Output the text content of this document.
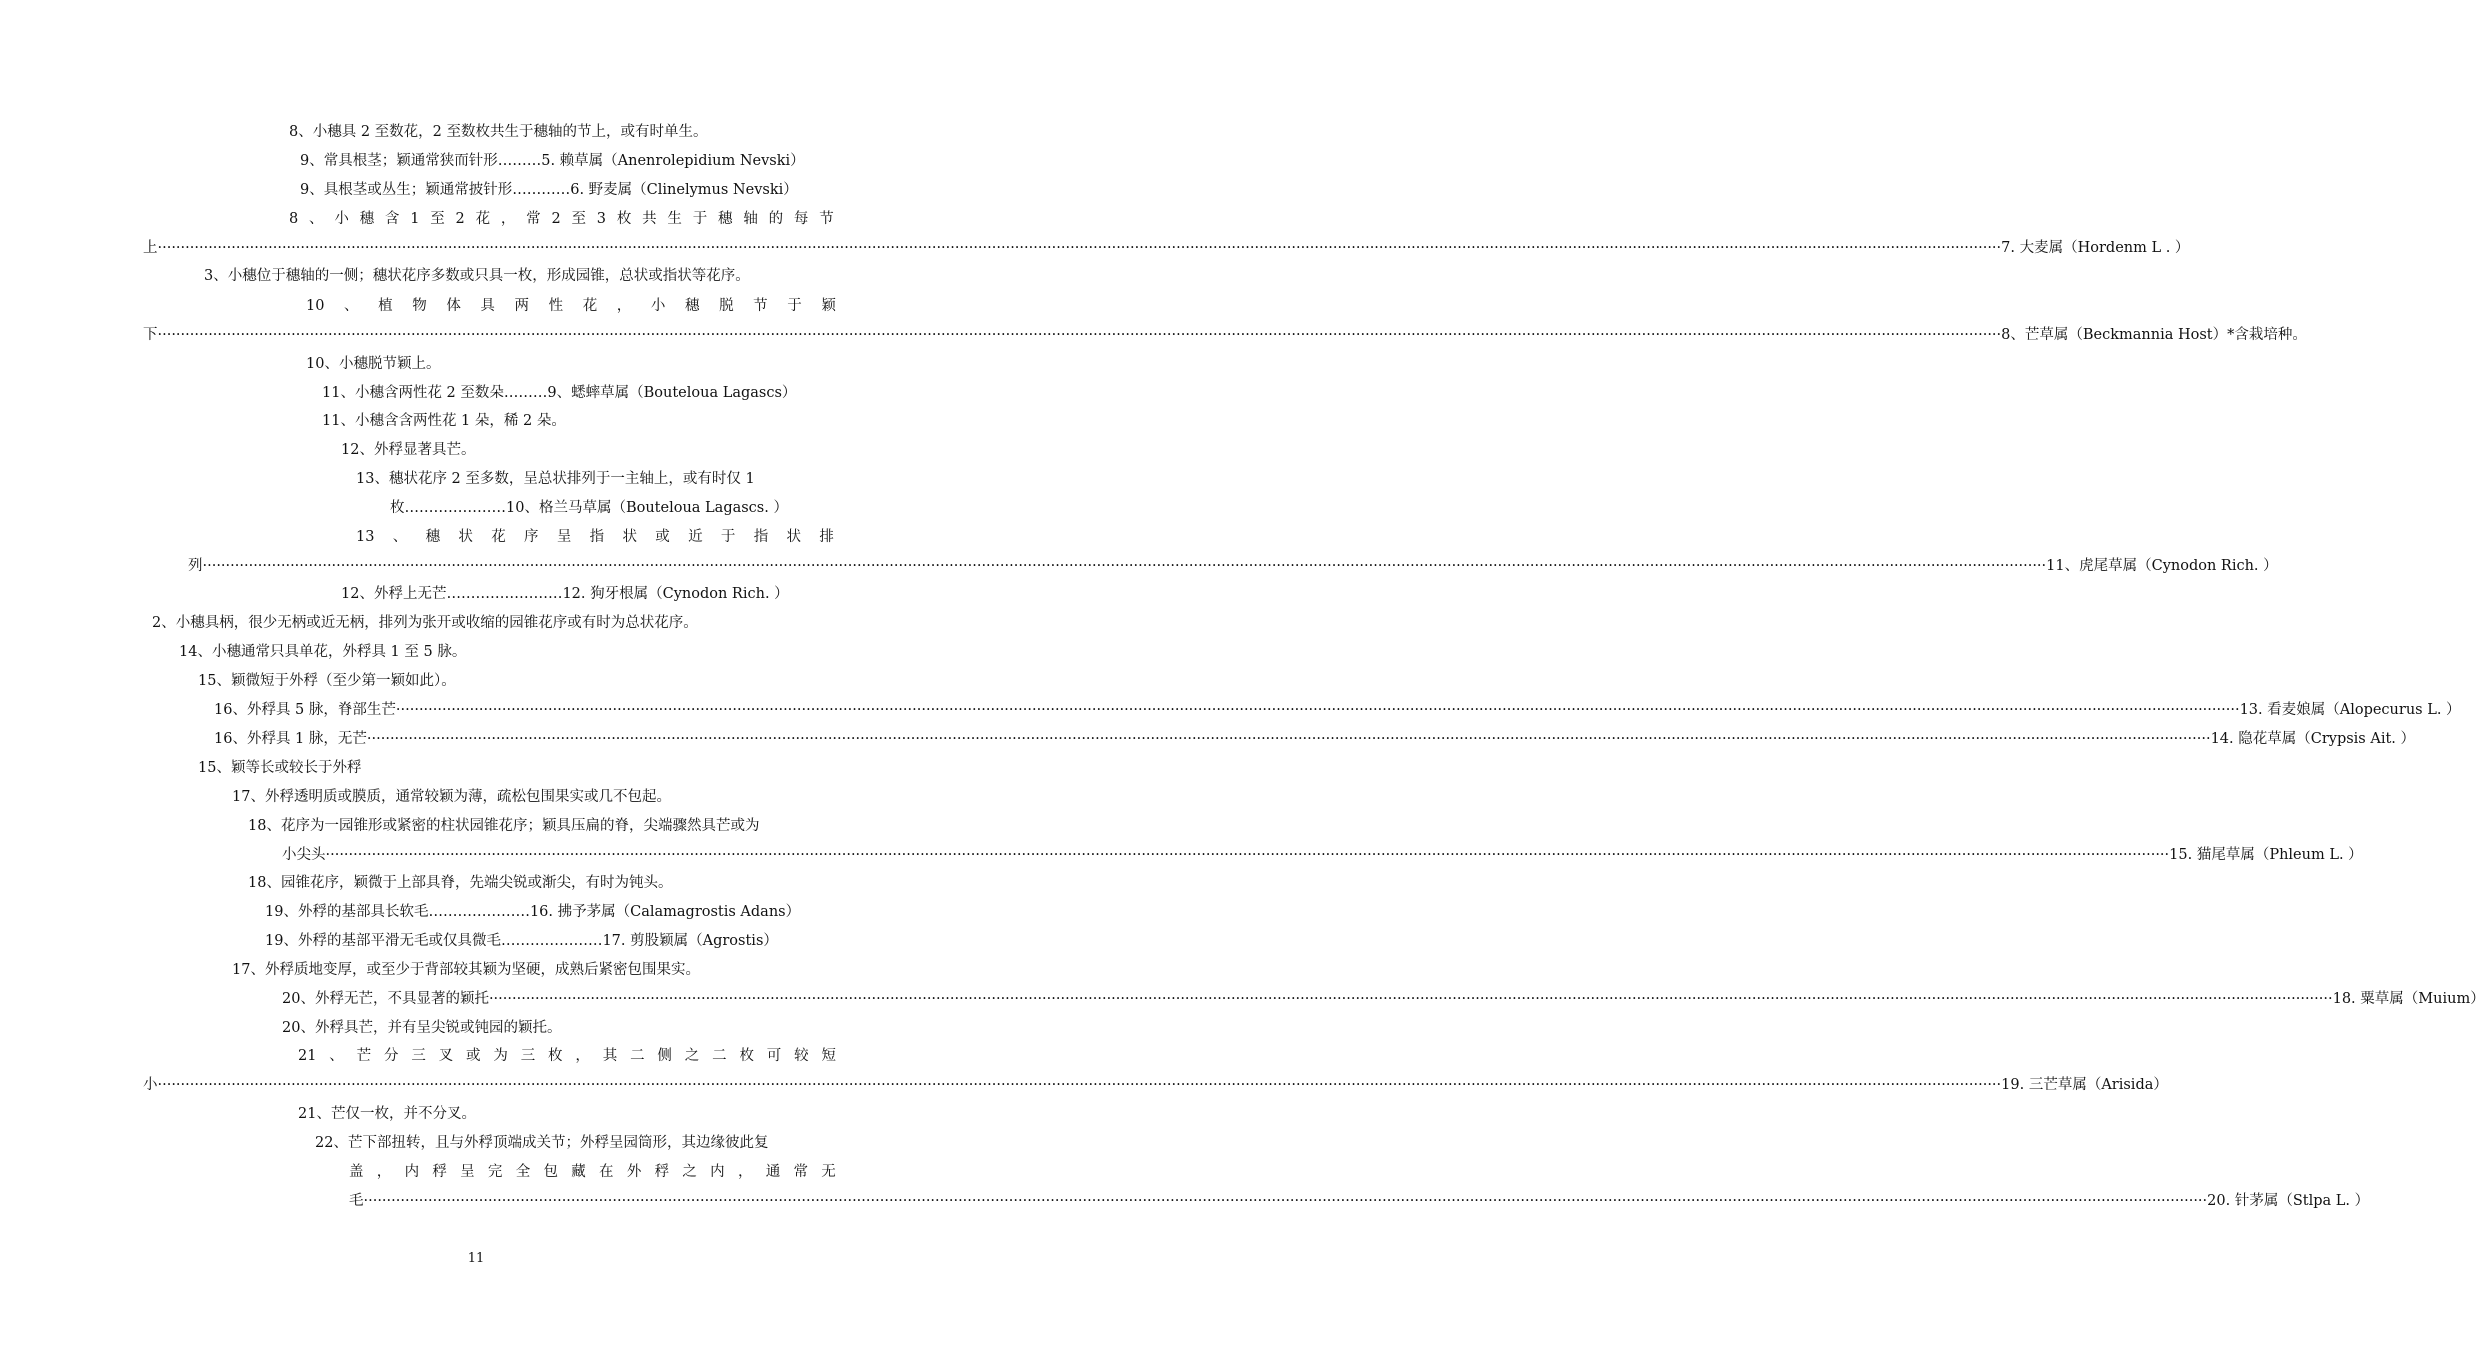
8、小穗具 2 至数花，2 至数枚共生于穗轴的节上，或有时单生。
9、常具根茎；颖通常狭而针形………5. 赖草属（Anenrolepidium Nevski）
9、具根茎或丛生；颖通常披针形…………6. 野麦属（Clinelymus Nevski）
8 、 小 穗 含 1 至 2 花 ， 常 2 至 3 枚 共 生 于 穗 轴 的 每 节
上 ················································································································································································································································································································································································································ 7. 大麦属（Hordenm L . ）
3、小穗位于穗轴的一侧；穗状花序多数或只具一枚，形成园锥，总状或指状等花序。
10 、 植 物 体 具 两 性 花 ， 小 穗 脱 节 于 颖
下 ················································································································································································································································································································································································································ 8、芒草属（Beckmannia Host）*含栽培种。
10、小穗脱节颖上。
11、小穗含两性花 2 至数朵………9、蟋蟀草属（Bouteloua Lagascs）
11、小穗含含两性花 1 朵，稀 2 朵。
12、外稃显著具芒。
13、穗状花序 2 至多数，呈总状排列于一主轴上，或有时仅 1
枚…………………10、格兰马草属（Bouteloua Lagascs. ）
13 、 穗 状 花 序 呈 指 状 或 近 于 指 状 排
列 ················································································································································································································································································································································································································ 11、虎尾草属（Cynodon Rich. ）
12、外稃上无芒……………………12. 狗牙根属（Cynodon Rich. ）
2、小穗具柄，很少无柄或近无柄，排列为张开或收缩的园锥花序或有时为总状花序。
14、小穗通常只具单花，外稃具 1 至 5 脉。
15、颖微短于外稃（至少第一颖如此）。
16、外稃具 5 脉，脊部生芒 ················································································································································································································································································································································································································ 13. 看麦娘属（Alopecurus L. ）
16、外稃具 1 脉，无芒 ················································································································································································································································································································································································································ 14. 隐花草属（Crypsis Ait. ）
15、颖等长或较长于外稃
17、外稃透明质或膜质，通常较颖为薄，疏松包围果实或几不包起。
18、花序为一园锥形或紧密的柱状园锥花序；颖具压扁的脊，尖端骤然具芒或为
小尖头 ················································································································································································································································································································································································································ 15. 猫尾草属（Phleum L. ）
18、园锥花序，颖微于上部具脊，先端尖锐或渐尖，有时为钝头。
19、外稃的基部具长软毛…………………16. 拂予茅属（Calamagrostis Adans）
19、外稃的基部平滑无毛或仅具微毛…………………17. 剪股颖属（Agrostis）
17、外稃质地变厚，或至少于背部较其颖为坚硬，成熟后紧密包围果实。
20、外稃无芒，不具显著的颖托 ················································································································································································································································································································································································································ 18. 粟草属（Muium）
20、外稃具芒，并有呈尖锐或钝园的颖托。
21 、 芒 分 三 叉 或 为 三 枚 ， 其 二 侧 之 二 枚 可 较 短
小 ················································································································································································································································································································································································································ 19. 三芒草属（Arisida）
21、芒仅一枚，并不分叉。
22、芒下部扭转，且与外稃顶端成关节；外稃呈园筒形，其边缘彼此复
盖 ， 内 稃 呈 完 全 包 藏 在 外 稃 之 内 ， 通 常 无
毛 ················································································································································································································································································································································································································ 20. 针茅属（Stlpa L. ）
11
